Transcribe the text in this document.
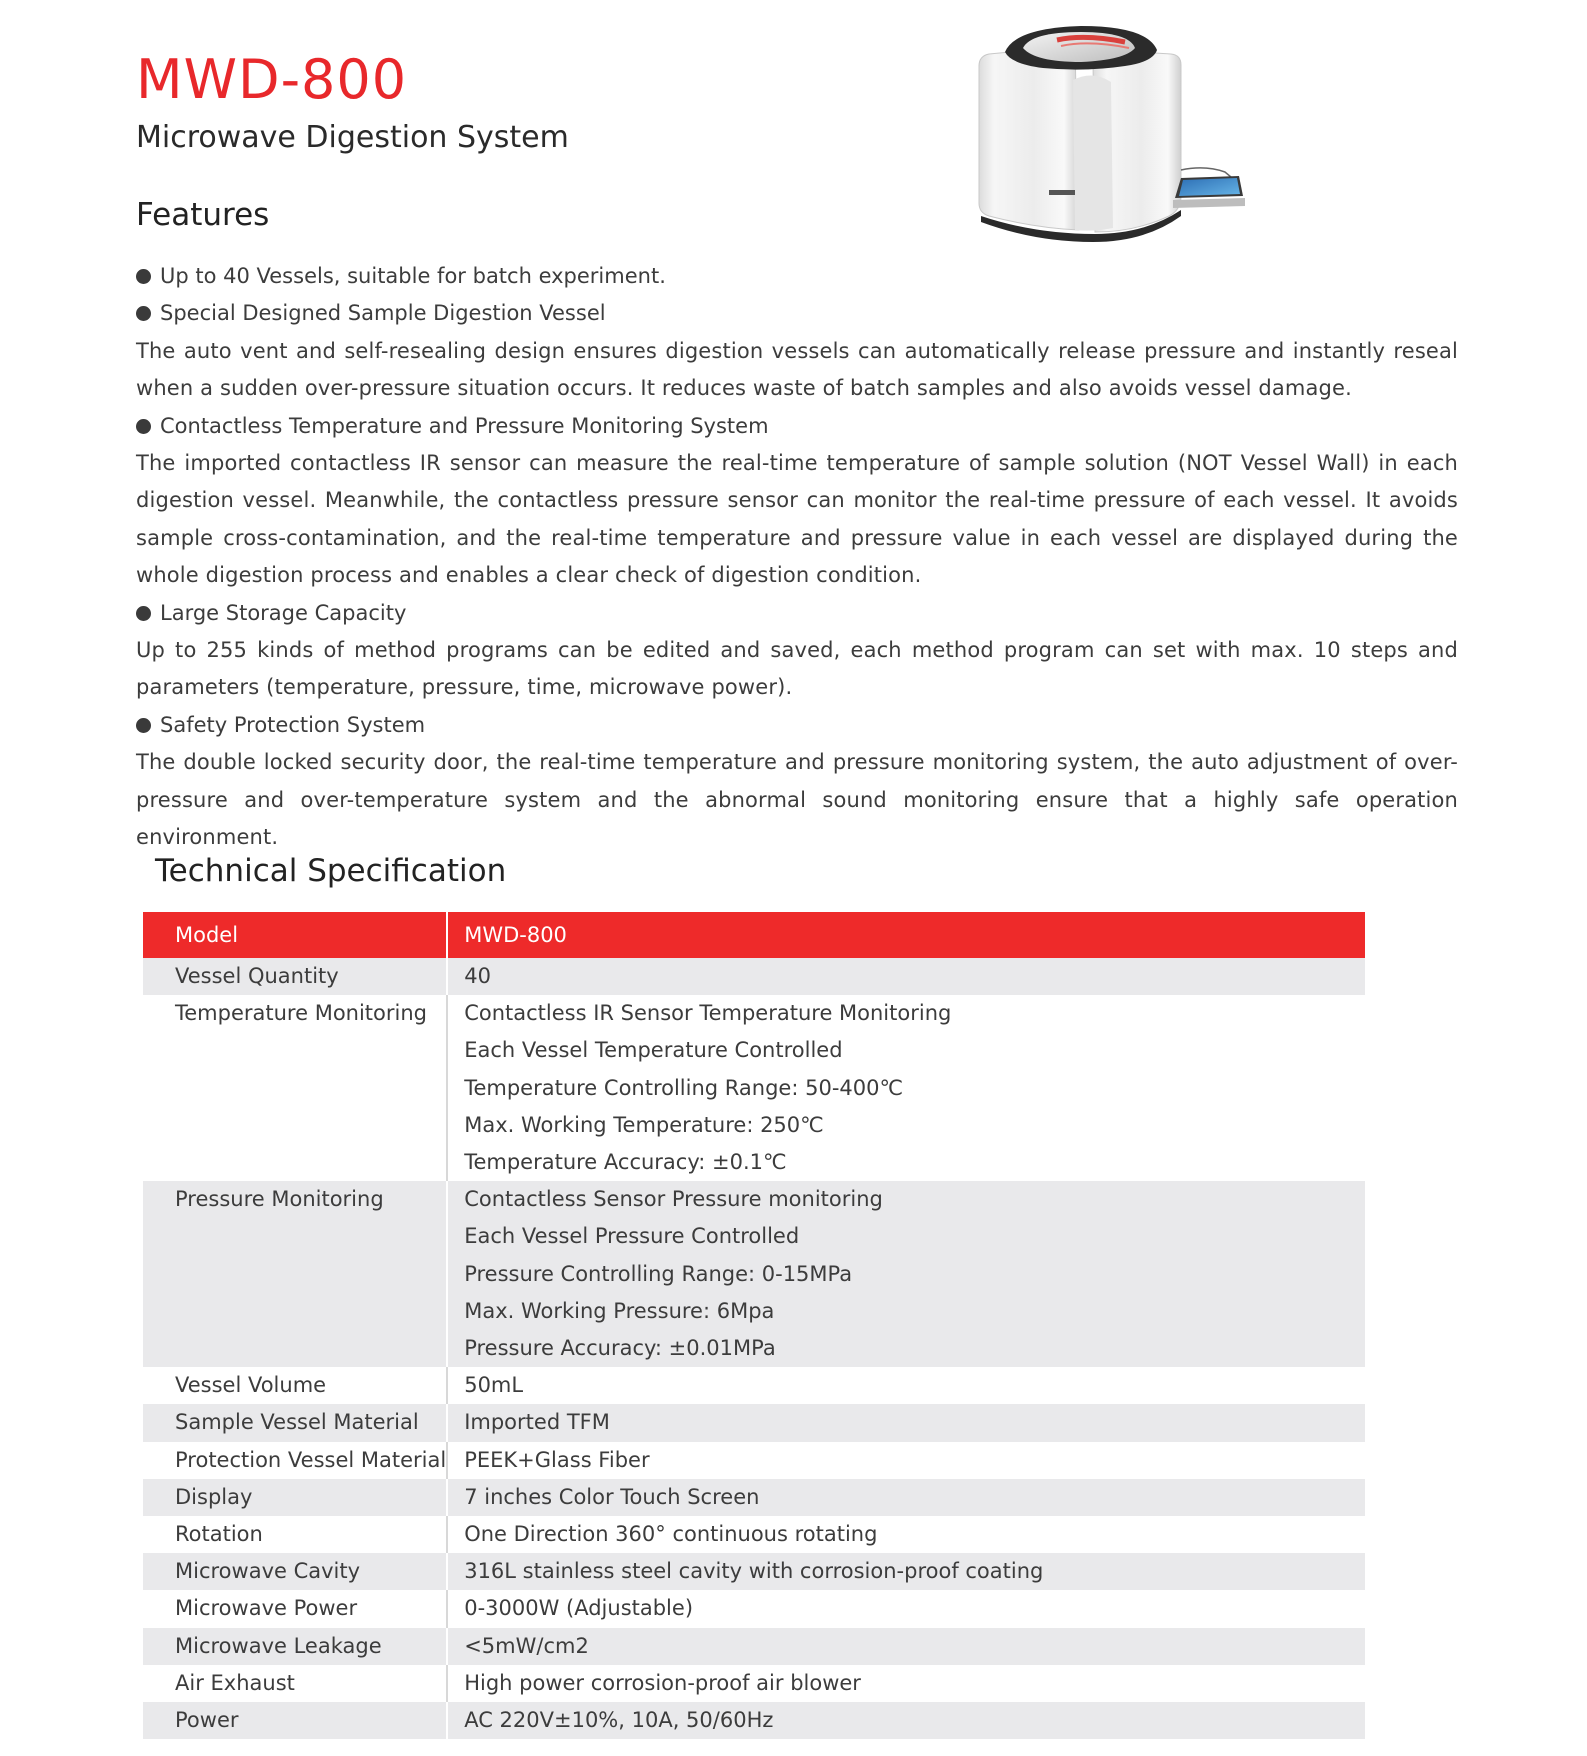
MWD-800
Microwave Digestion System
Features
Up to 40 Vessels, suitable for batch experiment.
Special Designed Sample Digestion Vessel
The auto vent and self-resealing design ensures digestion vessels can automatically release pressure and instantly reseal when a sudden over-pressure situation occurs. It reduces waste of batch samples and also avoids vessel damage.
Contactless Temperature and Pressure Monitoring System
The imported contactless IR sensor can measure the real-time temperature of sample solution (NOT Vessel Wall) in each digestion vessel. Meanwhile, the contactless pressure sensor can monitor the real-time pressure of each vessel. It avoids sample cross-contamination, and the real-time temperature and pressure value in each vessel are displayed during the whole digestion process and enables a clear check of digestion condition.
Large Storage Capacity
Up to 255 kinds of method programs can be edited and saved, each method program can set with max. 10 steps and parameters (temperature, pressure, time, microwave power).
Safety Protection System
The double locked security door, the real-time temperature and pressure monitoring system, the auto adjustment of over-pressure and over-temperature system and the abnormal sound monitoring ensure that a highly safe operation environment.
Technical Specification
Model	MWD-800
Vessel Quantity	40

Temperature Monitoring	Contactless IR Sensor Temperature Monitoring
Each Vessel Temperature Controlled
Temperature Controlling Range: 50-400℃
Max. Working Temperature: 250℃
Temperature Accuracy: ±0.1℃

Pressure Monitoring	Contactless Sensor Pressure monitoring
Each Vessel Pressure Controlled
Pressure Controlling Range: 0-15MPa
Max. Working Pressure: 6Mpa
Pressure Accuracy: ±0.01MPa

Vessel Volume	50mL
Sample Vessel Material	Imported TFM
Protection Vessel Material	PEEK+Glass Fiber
Display	7 inches Color Touch Screen
Rotation	One Direction 360° continuous rotating
Microwave Cavity	316L stainless steel cavity with corrosion-proof coating
Microwave Power	0-3000W (Adjustable)
Microwave Leakage	<5mW/cm2
Air Exhaust	High power corrosion-proof air blower
Power	AC 220V±10%, 10A, 50/60Hz
